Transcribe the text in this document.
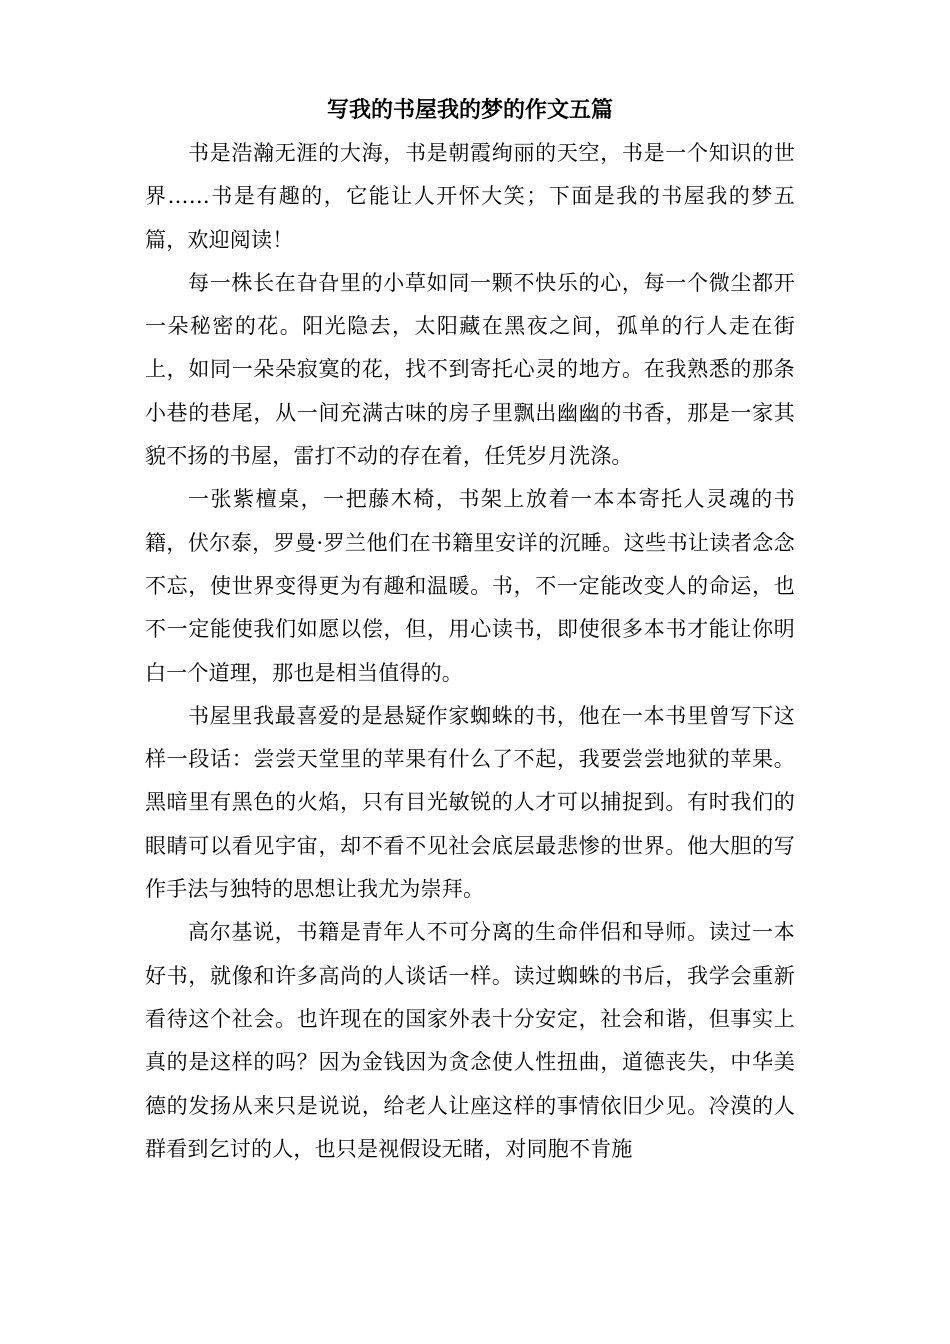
写我的书屋我的梦的作文五篇

书是浩瀚无涯的大海，书是朝霞绚丽的天空，书是一个知识的世界……书是有趣的，它能让人开怀大笑；下面是我的书屋我的梦五篇，欢迎阅读！

每一株长在旮旮里的小草如同一颗不快乐的心，每一个微尘都开一朵秘密的花。阳光隐去，太阳藏在黑夜之间，孤单的行人走在街上，如同一朵朵寂寞的花，找不到寄托心灵的地方。在我熟悉的那条小巷的巷尾，从一间充满古味的房子里飘出幽幽的书香，那是一家其貌不扬的书屋，雷打不动的存在着，任凭岁月洗涤。

一张紫檀桌，一把藤木椅，书架上放着一本本寄托人灵魂的书籍，伏尔泰，罗曼·罗兰他们在书籍里安详的沉睡。这些书让读者念念不忘，使世界变得更为有趣和温暖。书，不一定能改变人的命运，也不一定能使我们如愿以偿，但，用心读书，即使很多本书才能让你明白一个道理，那也是相当值得的。

书屋里我最喜爱的是悬疑作家蜘蛛的书，他在一本书里曾写下这样一段话：尝尝天堂里的苹果有什么了不起，我要尝尝地狱的苹果。黑暗里有黑色的火焰，只有目光敏锐的人才可以捕捉到。有时我们的眼睛可以看见宇宙，却不看不见社会底层最悲惨的世界。他大胆的写作手法与独特的思想让我尤为崇拜。

高尔基说，书籍是青年人不可分离的生命伴侣和导师。读过一本好书，就像和许多高尚的人谈话一样。读过蜘蛛的书后，我学会重新看待这个社会。也许现在的国家外表十分安定，社会和谐，但事实上真的是这样的吗？因为金钱因为贪念使人性扭曲，道德丧失，中华美德的发扬从来只是说说，给老人让座这样的事情依旧少见。冷漠的人群看到乞讨的人，也只是视假设无睹，对同胞不肯施
